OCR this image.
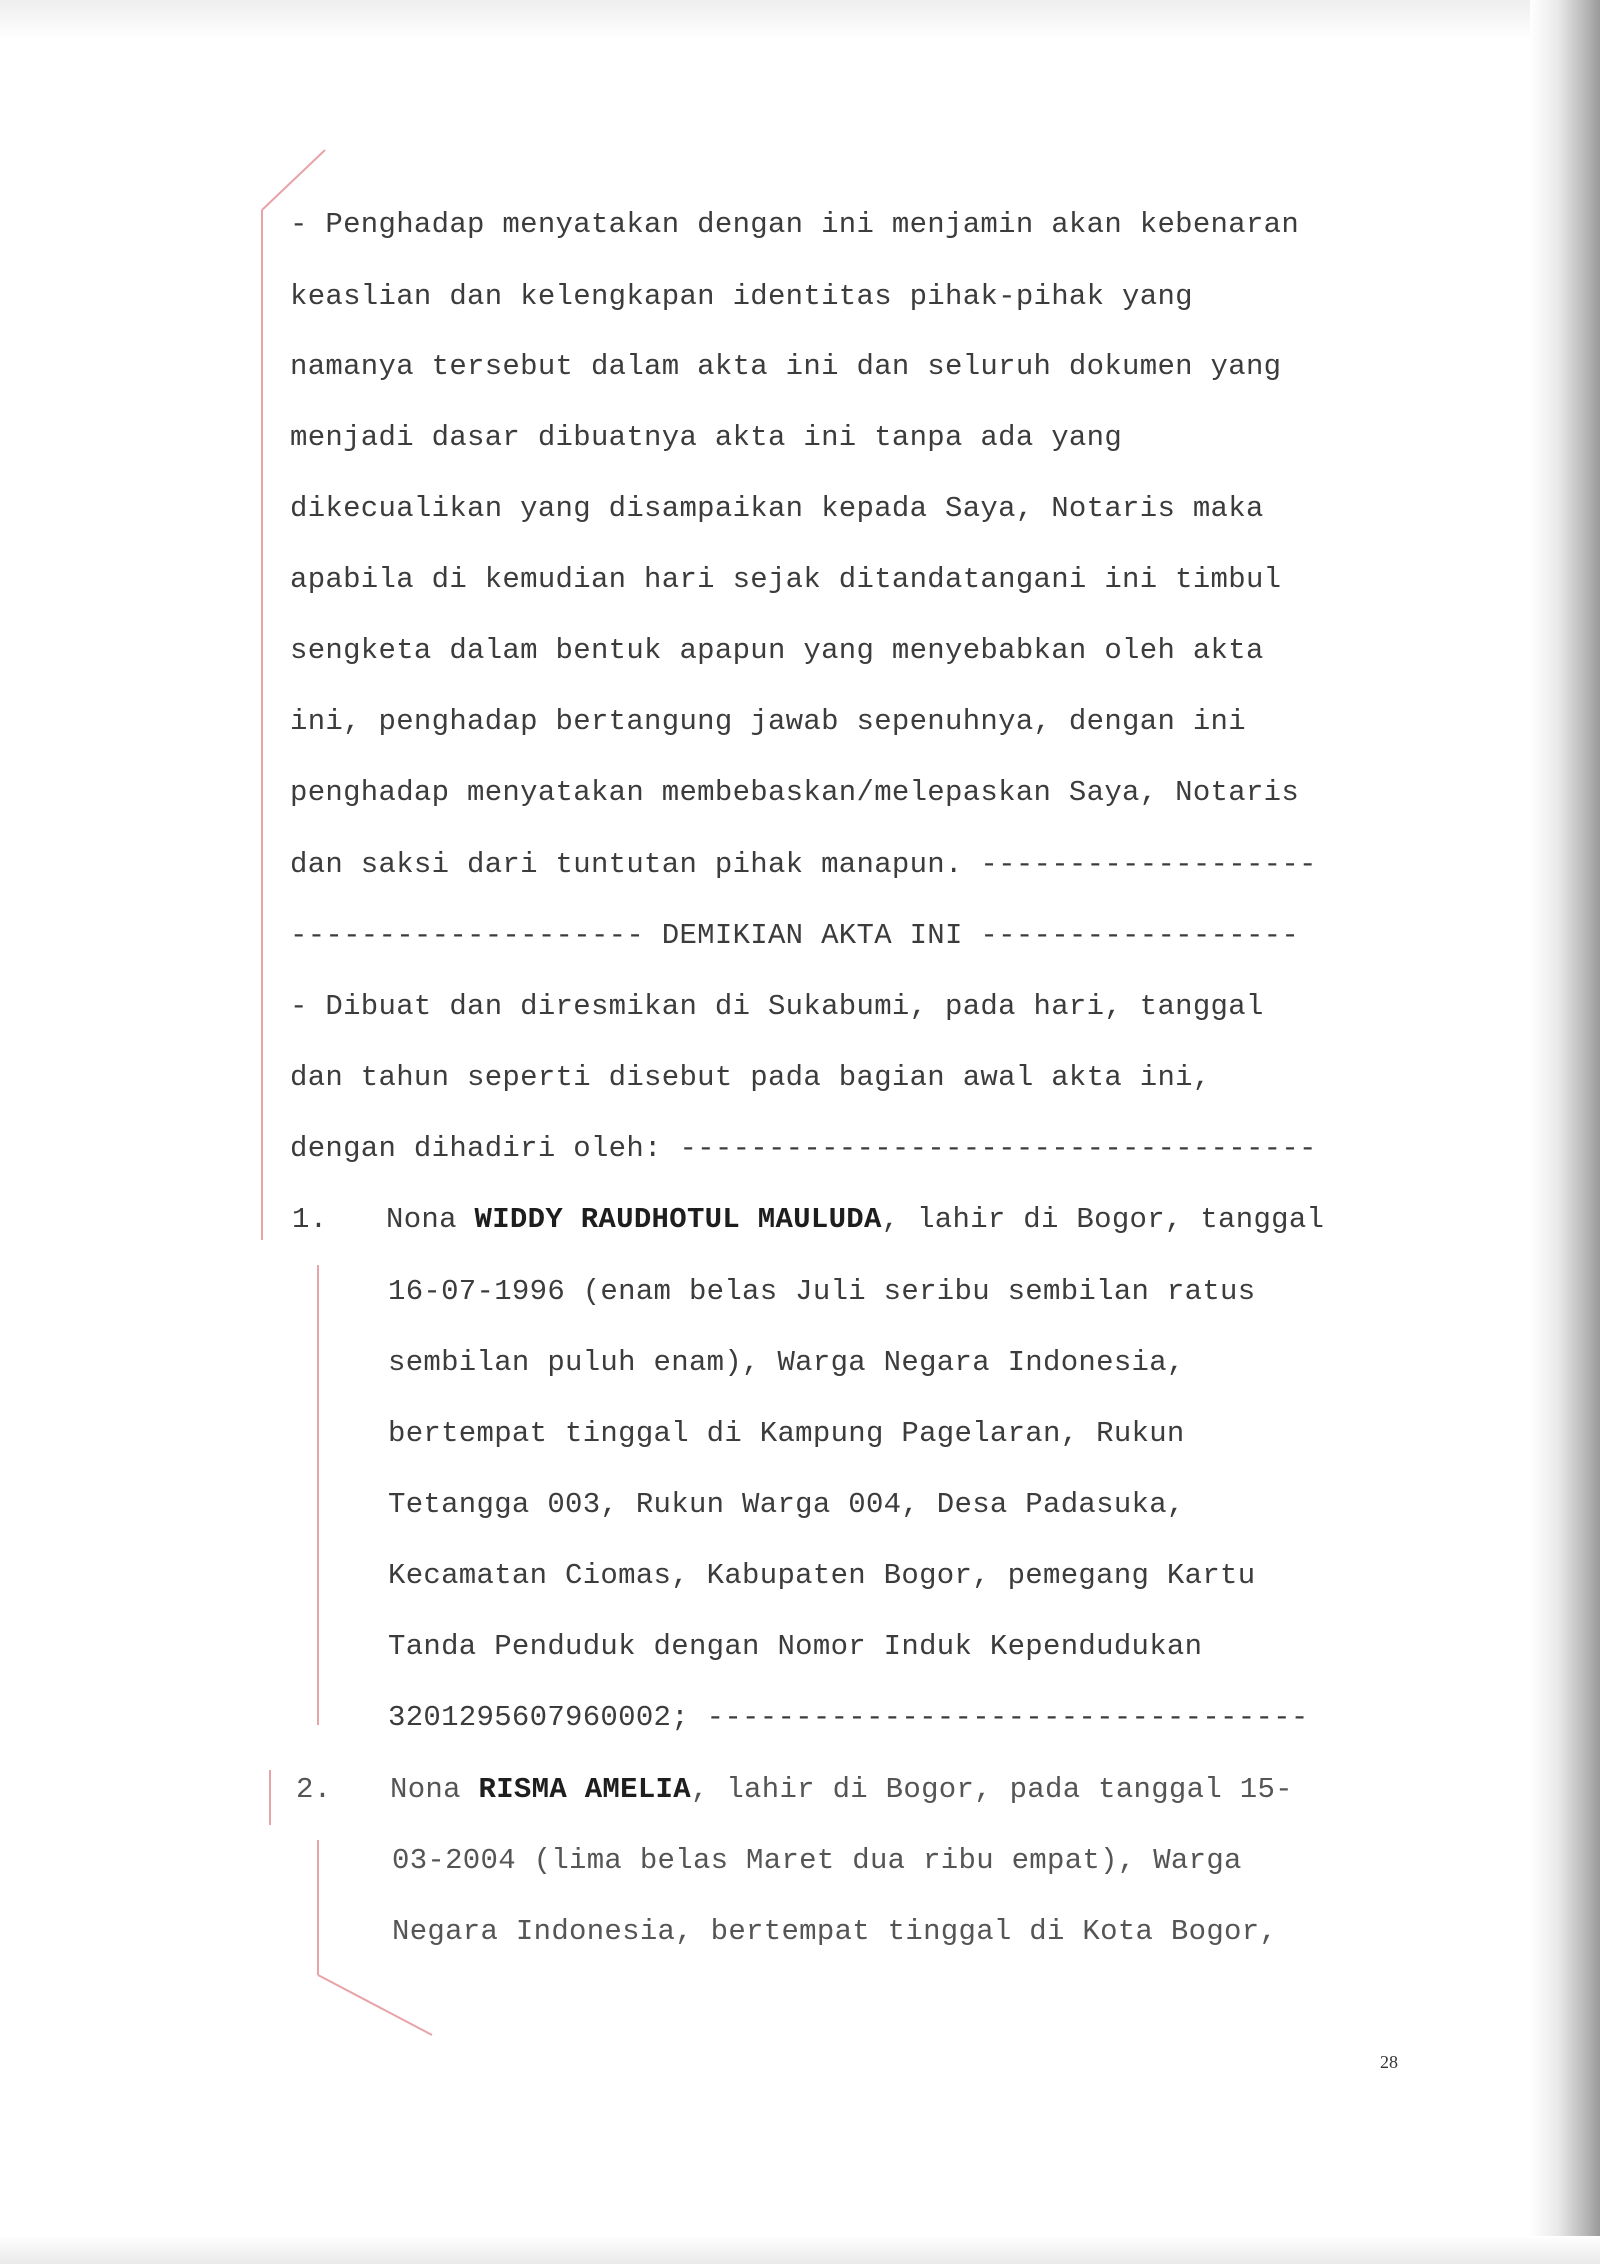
- Penghadap menyatakan dengan ini menjamin akan kebenaran
keaslian dan kelengkapan identitas pihak-pihak yang
namanya tersebut dalam akta ini dan seluruh dokumen yang
menjadi dasar dibuatnya akta ini tanpa ada yang
dikecualikan yang disampaikan kepada Saya, Notaris maka
apabila di kemudian hari sejak ditandatangani ini timbul
sengketa dalam bentuk apapun yang menyebabkan oleh akta
ini, penghadap bertangung jawab sepenuhnya, dengan ini
penghadap menyatakan membebaskan/melepaskan Saya, Notaris
dan saksi dari tuntutan pihak manapun. -------------------
-------------------- DEMIKIAN AKTA INI ------------------
- Dibuat dan diresmikan di Sukabumi, pada hari, tanggal
dan tahun seperti disebut pada bagian awal akta ini,
dengan dihadiri oleh: ------------------------------------
1. Nona WIDDY RAUDHOTUL MAULUDA, lahir di Bogor, tanggal
16-07-1996 (enam belas Juli seribu sembilan ratus
sembilan puluh enam), Warga Negara Indonesia,
bertempat tinggal di Kampung Pagelaran, Rukun
Tetangga 003, Rukun Warga 004, Desa Padasuka,
Kecamatan Ciomas, Kabupaten Bogor, pemegang Kartu
Tanda Penduduk dengan Nomor Induk Kependudukan
3201295607960002; ----------------------------------
2. Nona RISMA AMELIA, lahir di Bogor, pada tanggal 15-
03-2004 (lima belas Maret dua ribu empat), Warga
Negara Indonesia, bertempat tinggal di Kota Bogor,
28
